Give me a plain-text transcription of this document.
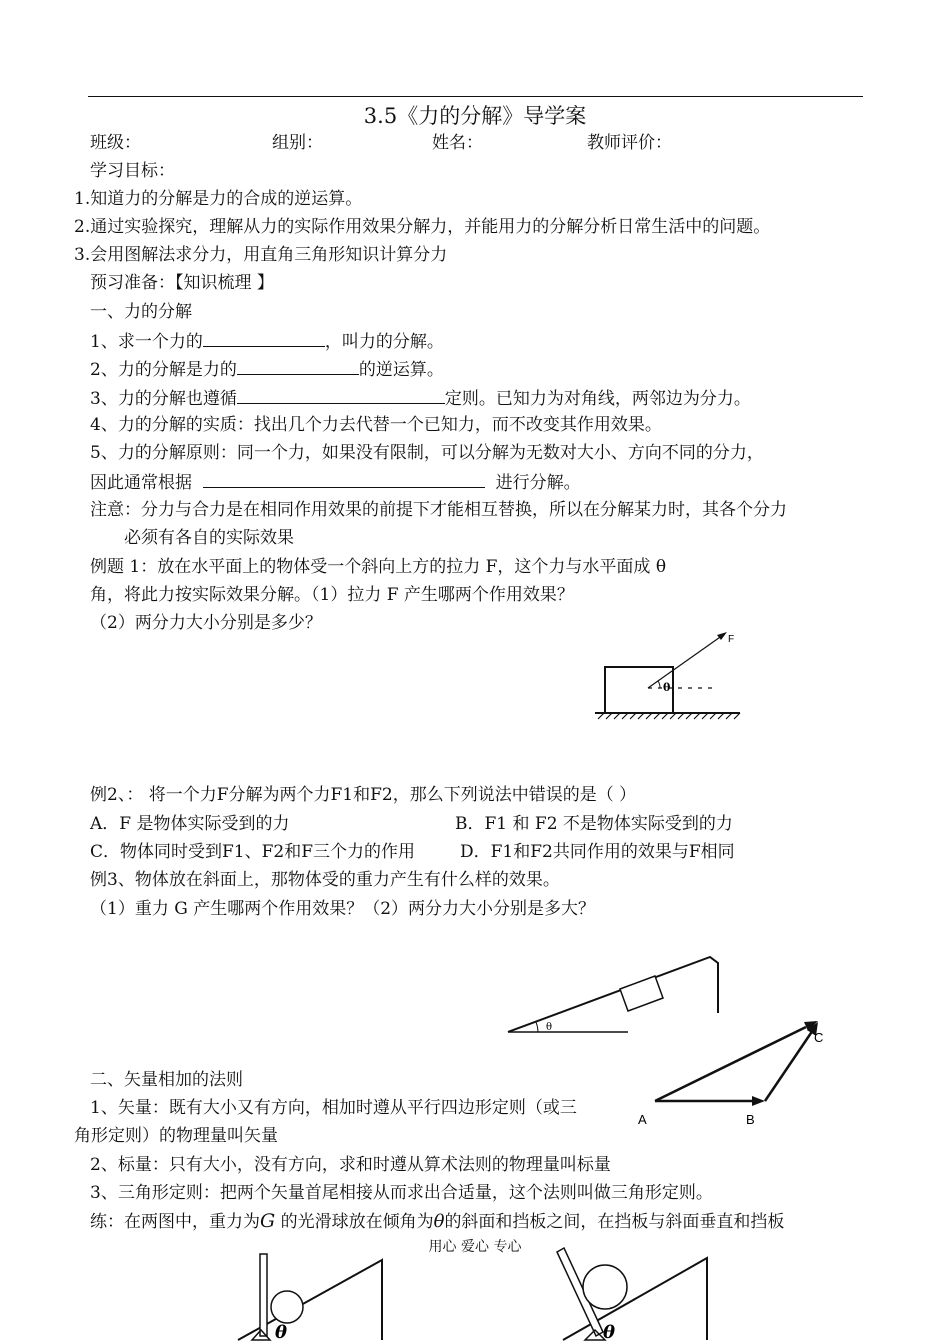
3.5《力的分解》导学案
班级：	组别：	姓名：	教师评价：
学习目标：
1.知道力的分解是力的合成的逆运算。
2.通过实验探究，理解从力的实际作用效果分解力，并能用力的分解分析日常生活中的问题。
3.会用图解法求分力，用直角三角形知识计算分力
预习准备：【知识梳理 】
一、力的分解
1、求一个力的	，叫力的分解。
2、力的分解是力的	的逆运算。
3、力的分解也遵循	定则。已知力为对角线，两邻边为分力。
4、力的分解的实质：找出几个力去代替一个已知力，而不改变其作用效果。
5、力的分解原则：同一个力，如果没有限制，可以分解为无数对大小、方向不同的分力，
因此通常根据	进行分解。
注意：分力与合力是在相同作用效果的前提下才能相互替换，所以在分解某力时，其各个分力
必须有各自的实际效果
例题 1：放在水平面上的物体受一个斜向上方的拉力 F，这个力与水平面成 θ
角，将此力按实际效果分解。（1）拉力 F 产生哪两个作用效果？
（2）两分力大小分别是多少？
F
θ
例2、： 将一个力F分解为两个力F1和F2，那么下列说法中错误的是（ ）
A．F 是物体实际受到的力	B．F1 和 F2 不是物体实际受到的力
C．物体同时受到F1、F2和F三个力的作用	D．F1和F2共同作用的效果与F相同
例3、物体放在斜面上，那物体受的重力产生有什么样的效果。
（1）重力 G 产生哪两个作用效果？（2）两分力大小分别是多大？
θ
二、矢量相加的法则
1、矢量：既有大小又有方向，相加时遵从平行四边形定则（或三
角形定则）的物理量叫矢量
2、标量：只有大小，没有方向，求和时遵从算术法则的物理量叫标量
3、三角形定则：把两个矢量首尾相接从而求出合适量，这个法则叫做三角形定则。
A	B
C
练：在两图中，重力为G 的光滑球放在倾角为θ的斜面和挡板之间，在挡板与斜面垂直和挡板
用心 爱心 专心
θ	θ
